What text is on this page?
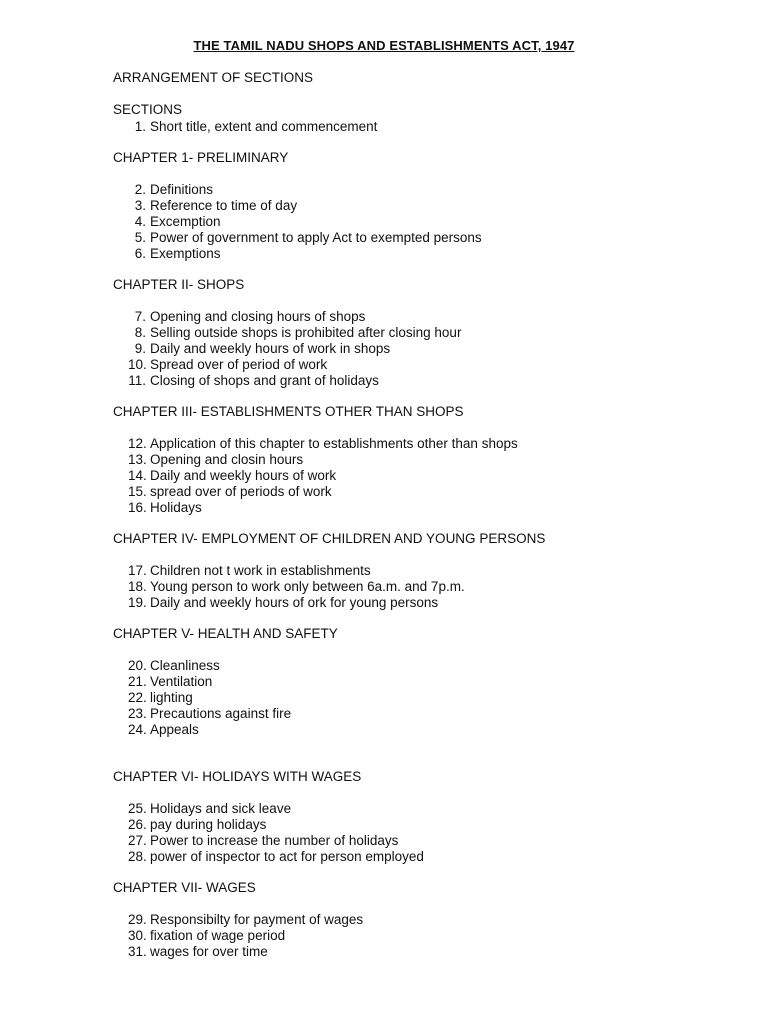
THE TAMIL NADU SHOPS AND ESTABLISHMENTS ACT, 1947
ARRANGEMENT OF SECTIONS
SECTIONS
1. Short title, extent and commencement
CHAPTER 1- PRELIMINARY
2. Definitions
3. Reference to time of day
4. Excemption
5. Power of government to apply Act to exempted persons
6. Exemptions
CHAPTER II- SHOPS
7. Opening and closing hours of shops
8. Selling outside shops is prohibited after closing hour
9. Daily and weekly hours of work in shops
10. Spread over of period of work
11. Closing of shops and grant of holidays
CHAPTER III- ESTABLISHMENTS OTHER THAN SHOPS
12. Application of this chapter to establishments other than shops
13. Opening and closin hours
14. Daily and weekly hours of work
15. spread over of periods of work
16. Holidays
CHAPTER IV- EMPLOYMENT OF CHILDREN AND YOUNG PERSONS
17. Children not t work in establishments
18. Young person to work only between 6a.m. and 7p.m.
19. Daily and weekly hours of ork for young persons
CHAPTER V- HEALTH AND SAFETY
20. Cleanliness
21. Ventilation
22. lighting
23. Precautions against fire
24. Appeals
CHAPTER VI- HOLIDAYS WITH WAGES
25. Holidays and sick leave
26. pay during holidays
27. Power to increase the number of holidays
28. power of inspector to act for person employed
CHAPTER VII- WAGES
29. Responsibilty for payment of wages
30. fixation of wage period
31. wages for over time
